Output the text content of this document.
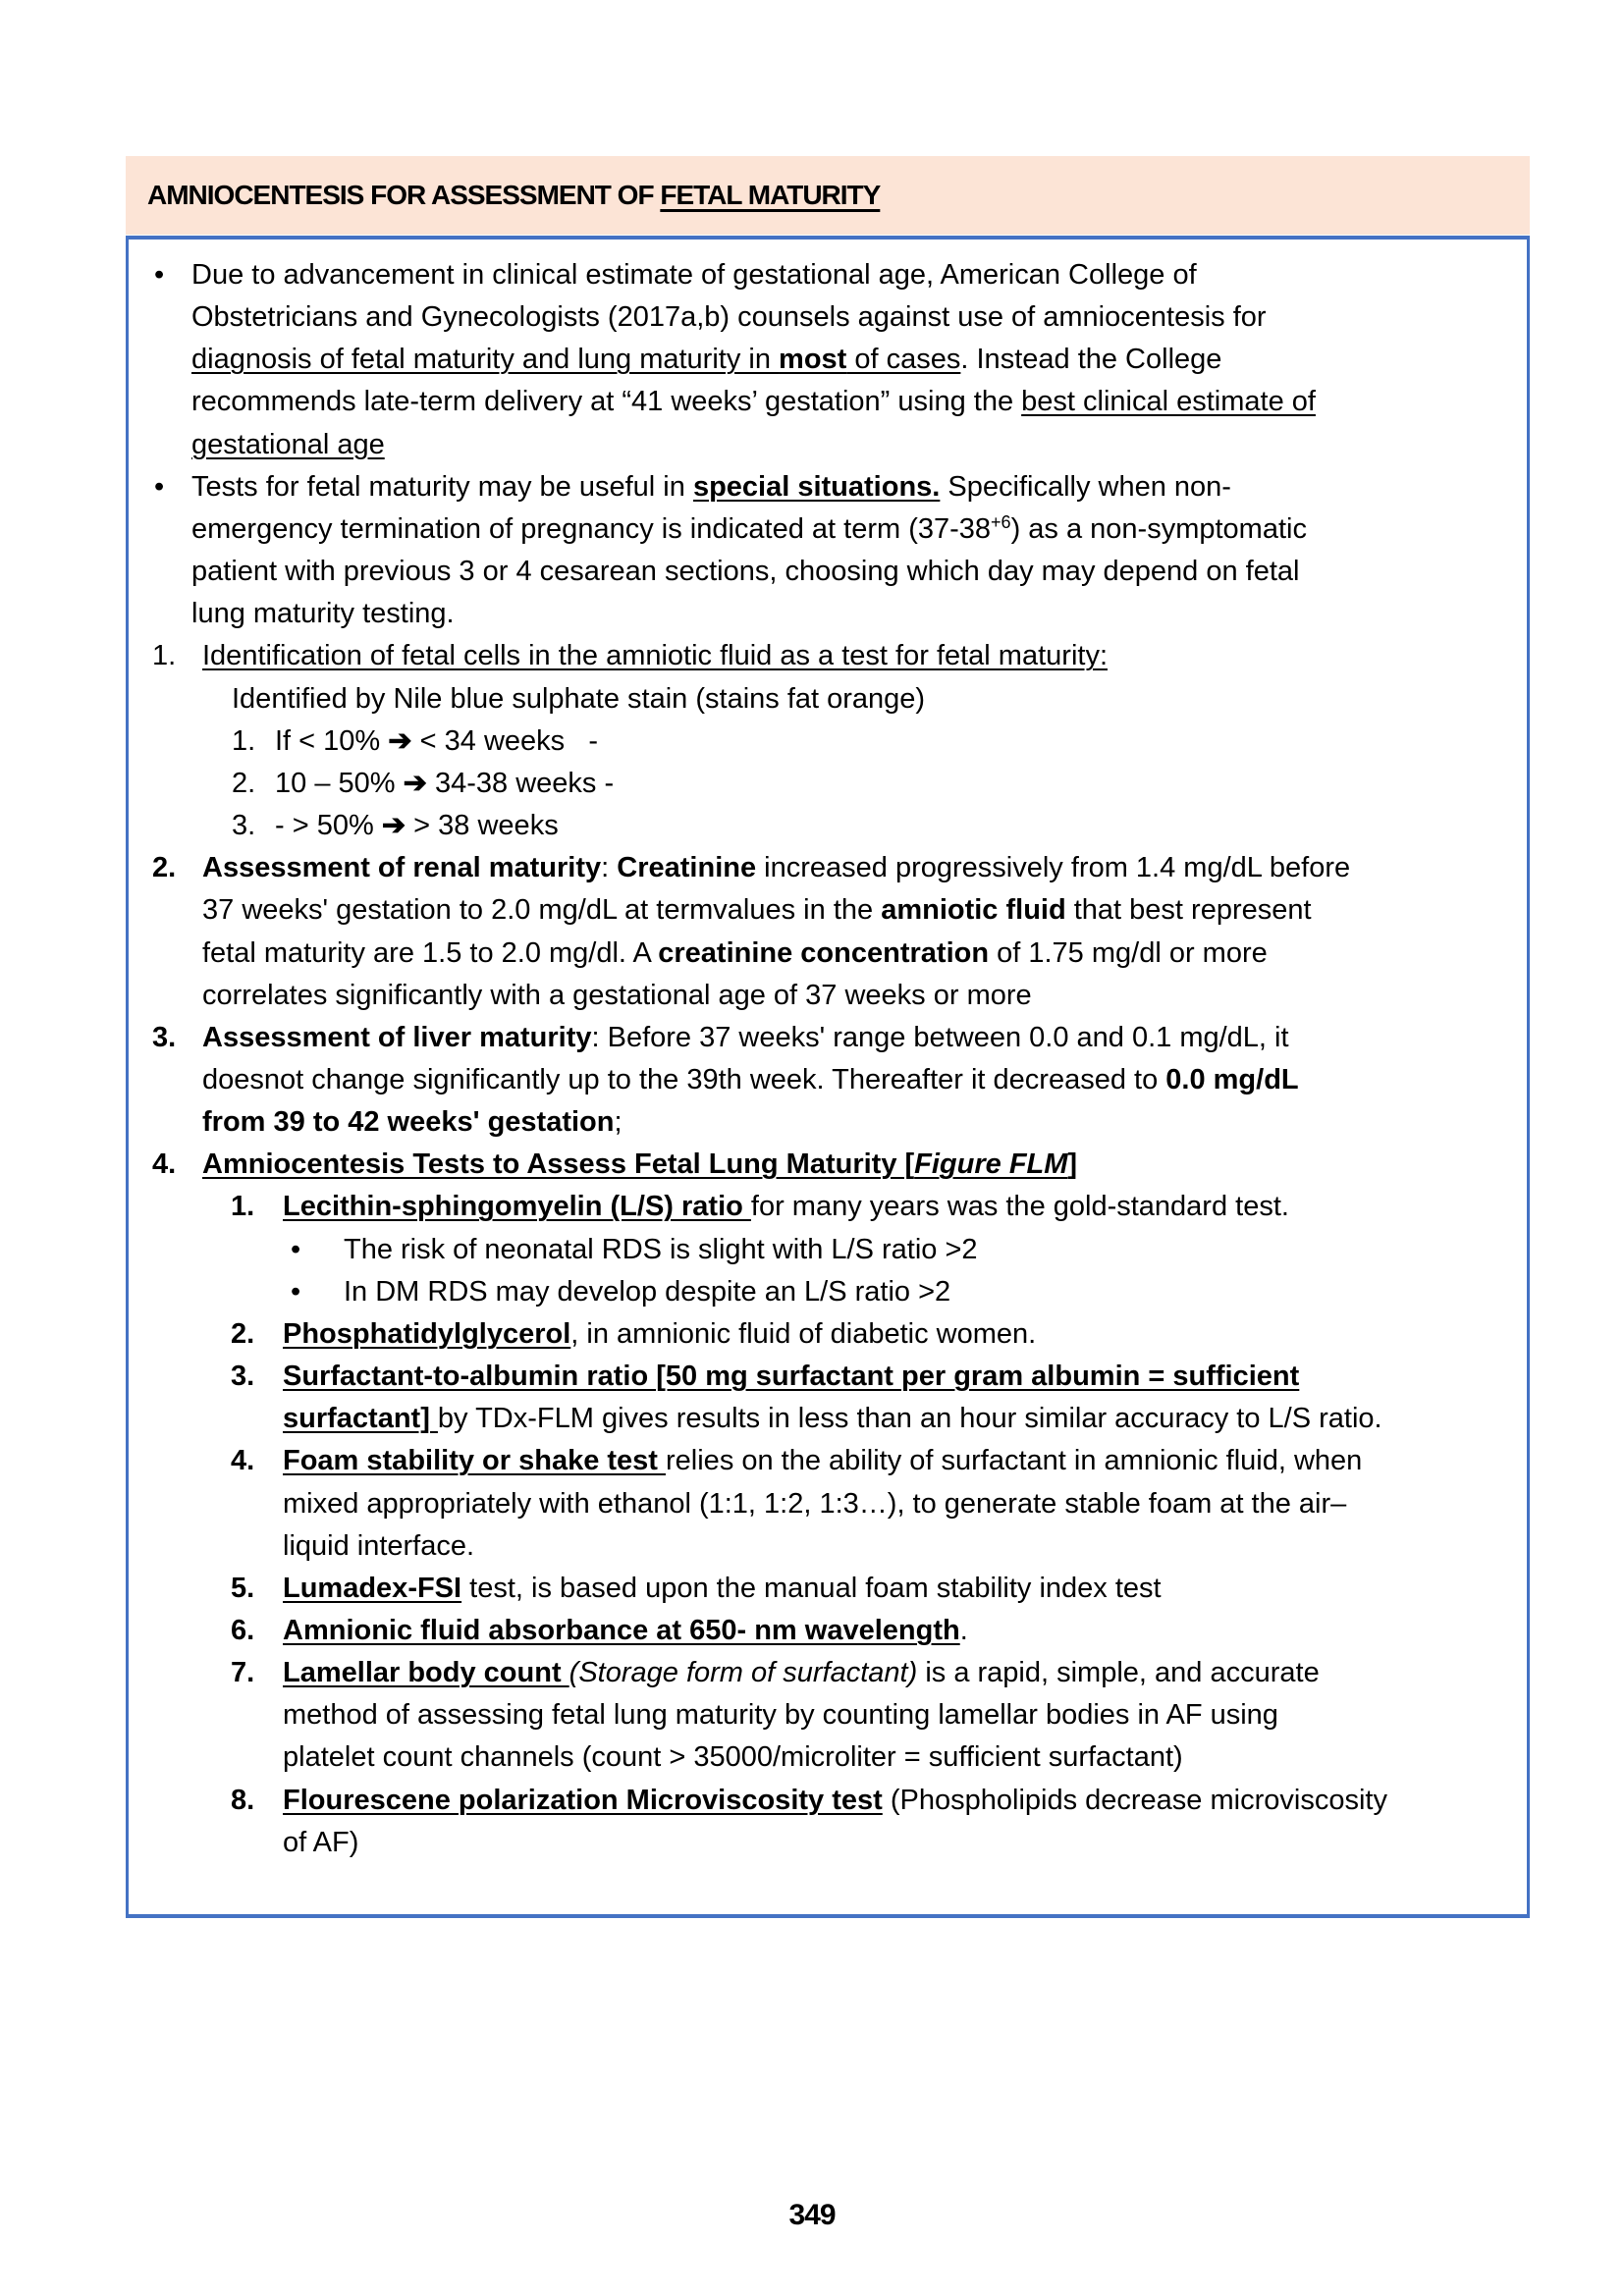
AMNIOCENTESIS FOR ASSESSMENT OF FETAL MATURITY
• Due to advancement in clinical estimate of gestational age, American College of
Obstetricians and Gynecologists (2017a,b) counsels against use of amniocentesis for
diagnosis of fetal maturity and lung maturity in most of cases. Instead the College
recommends late-term delivery at “41 weeks’ gestation” using the best clinical estimate of
gestational age
• Tests for fetal maturity may be useful in special situations. Specifically when non-
emergency termination of pregnancy is indicated at term $(37-38^{+6})$ as a non-symptomatic
patient with previous 3 or 4 cesarean sections, choosing which day may depend on fetal
lung maturity testing.
1. Identification of fetal cells in the amniotic fluid as a test for fetal maturity:
Identified by Nile blue sulphate stain (stains fat orange)
1. If < 10% ➔ < 34 weeks   -
2. 10 – 50% ➔ 34-38 weeks -
3. - > 50% ➔ > 38 weeks
2. Assessment of renal maturity: Creatinine increased progressively from 1.4 mg/dL before
37 weeks' gestation to 2.0 mg/dL at termvalues in the amniotic fluid that best represent
fetal maturity are 1.5 to 2.0 mg/dl. A creatinine concentration of 1.75 mg/dl or more
correlates significantly with a gestational age of 37 weeks or more
3. Assessment of liver maturity: Before 37 weeks' range between 0.0 and 0.1 mg/dL, it
doesnot change significantly up to the 39th week. Thereafter it decreased to 0.0 mg/dL
from 39 to 42 weeks' gestation;
4. Amniocentesis Tests to Assess Fetal Lung Maturity [Figure FLM]
1. Lecithin-sphingomyelin (L/S) ratio for many years was the gold-standard test.
• The risk of neonatal RDS is slight with L/S ratio >2
• In DM RDS may develop despite an L/S ratio >2
2. Phosphatidylglycerol, in amnionic fluid of diabetic women.
3. Surfactant-to-albumin ratio [50 mg surfactant per gram albumin = sufficient
surfactant] by TDx-FLM gives results in less than an hour similar accuracy to L/S ratio.
4. Foam stability or shake test relies on the ability of surfactant in amnionic fluid, when
mixed appropriately with ethanol (1:1, 1:2, 1:3…), to generate stable foam at the air–
liquid interface.
5. Lumadex-FSI test, is based upon the manual foam stability index test
6. Amnionic fluid absorbance at 650- nm wavelength.
7. Lamellar body count (Storage form of surfactant) is a rapid, simple, and accurate
method of assessing fetal lung maturity by counting lamellar bodies in AF using
platelet count channels (count > 35000/microliter = sufficient surfactant)
8. Flourescene polarization Microviscosity test (Phospholipids decrease microviscosity
of AF)
349
